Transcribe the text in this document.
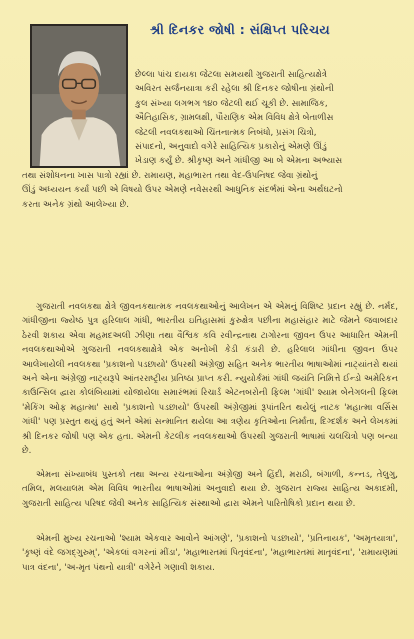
શ્રી દિનકર જોષી : સંક્ષિપ્ત પરિચય
છેલ્લા પાંચ દાયકા જેટલા સમયથી ગુજરાતી સાહિત્યક્ષેત્રે
અવિરત સર્જનયાત્રા કરી રહેલા શ્રી દિનકર જોષીના ગ્રંથોની
કુલ સંખ્યા લગભગ ૧૪૦ જેટલી થઈ ચૂકી છે. સામાજિક,
ઐતિહાસિક, ગ્રામલક્ષી, પૌરાણિક એમ વિવિધ ક્ષેત્રે બેતાળીસ
જેટલી નવલકથાઓ ચિંતનાત્મક નિબંધો, પ્રસંગ ચિત્રો,
સંપાદનો, અનુવાદો વગેરે સાહિત્યિક પ્રકારોનું એમણે ઊંડું
ખેડાણ કર્યું છે. શ્રીકૃષ્ણ અને ગાંધીજી આ બે એમના અભ્યાસ
તથા સંશોધનના ખાસ પાત્રો રહ્યાં છે. રામાયણ, મહાભારત તથા વેદ-ઉપનિષદ જેવા ગ્રંથોનું
ઊંડું અધ્યયન કર્યા પછી એ વિષયો ઉપર એમણે નવેસરથી આધુનિક સંદર્ભમાં એના અર્થઘટનો
કરતા અનેક ગ્રંથો આલેખ્યા છે.

ગુજરાતી નવલકથા ક્ષેત્રે જીવનકથાત્મક નવલકથાઓનું આલેખન એ એમનું વિશિષ્ટ પ્રદાન રહ્યું છે. નર્મદ, ગાંધીજીના જ્યેષ્ઠ પુત્ર હરિલાલ ગાંધી, ભારતીય ઇતિહાસમાં કુરુક્ષેત્ર પછીના મહાસંહાર માટે જેમને જવાબદાર ઠેરવી શકાય એવા મહમદઅલી ઝીણા તથા વૈશ્વિક કવિ રવીન્દ્રનાથ ટાગોરના જીવન ઉપર આધારિત એમની નવલકથાઓએ ગુજરાતી નવલકથાક્ષેત્રે એક અનોખી કેડી કંડારી છે. હરિલાલ ગાંધીના જીવન ઉપર આલેખાયેલી નવલકથા 'પ્રકાશનો પડછાયો' ઉપરથી અંગ્રેજી સહિત અનેક ભારતીય ભાષાઓમાં નાટ્યાંતરો થયાં અને એના અંગ્રેજી નાટ્યરૂપે આંતરરાષ્ટ્રીય પ્રતિષ્ઠા પ્રાપ્ત કરી. ન્યુયોર્કમાં ગાંધી જયંતિ નિમિત્તે ઈન્ડો અમેરિકન કાઉન્સિલ દ્વારા કોલંબિયામાં યોજાયેલા સમારંભમાં રિચાર્ડ એટનબરોની ફિલ્મ 'ગાંધી' શ્યામ બેનેગલની ફિલ્મ 'મેકિંગ ઓફ મહાત્મા' સાથે 'પ્રકાશનો પડછાયો' ઉપરથી અંગ્રેજીમાં રૂપાંતરિત થયેલું નાટક 'મહાત્મા વર્સિસ ગાંધી' પણ પ્રસ્તુત થયું હતું અને એમાં સન્માનિત થયેલા આ ત્રણેય કૃતિઓના નિર્માતા, દિગ્દર્શક અને લેખકમાં શ્રી દિનકર જોષી પણ એક હતા. એમની કેટલીક નવલકથાઓ ઉપરથી ગુજરાતી ભાષામાં ચલચિત્રો પણ બન્યા છે.

એમના સંખ્યાબંધ પુસ્તકો તથા અન્ય રચનાઓના અંગ્રેજી અને હિંદી, મરાઠી, બંગાળી, કન્નડ, તેલુગુ, તમિલ, મલયાલમ એમ વિવિધ ભારતીય ભાષાઓમાં અનુવાદો થયા છે. ગુજરાત રાજ્ય સાહિત્ય અકાદમી, ગુજરાતી સાહિત્ય પરિષદ જેવી અનેક સાહિત્યિક સંસ્થાઓ દ્વારા એમને પારિતોષિકો પ્રદાન થયા છે.

એમની મુખ્ય રચનાઓ 'શ્યામ એકવાર આવોને આંગણે', 'પ્રકાશનો પડછાયો', 'પ્રતિનાયક', 'અમૃતયાત્રા', 'કૃષ્ણં વંદે જગદ્‌ગુરુમ્', 'એકલાં વગરનાં મીંડા', 'મહાભારતમાં પિતૃવંદના', 'મહાભારતમાં માતૃવંદના', 'રામાયણમાં પાત્ર વંદના', 'અ-મૃત પંથનો યાત્રી' વગેરેને ગણાવી શકાય.
